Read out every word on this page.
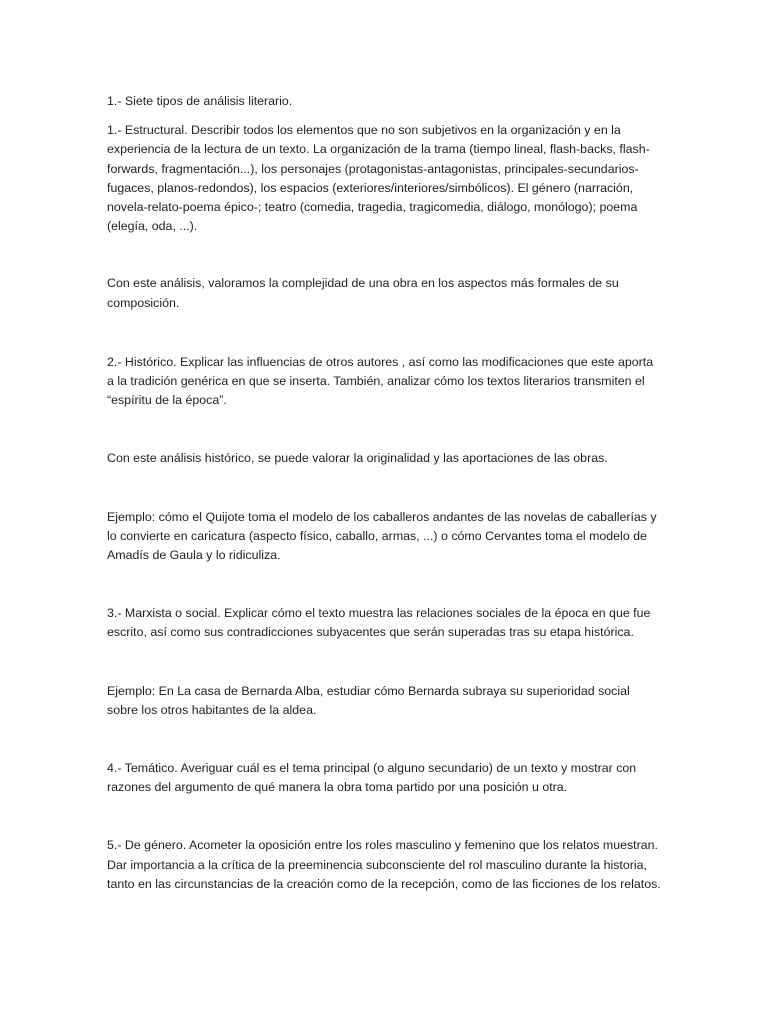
1.- Siete tipos de análisis literario.

1.- Estructural. Describir todos los elementos que no son subjetivos en la organización y en la experiencia de la lectura de un texto. La organización de la trama (tiempo lineal, flash-backs, flash-forwards, fragmentación...), los personajes (protagonistas-antagonistas, principales-secundarios-fugaces, planos-redondos), los espacios (exteriores/interiores/simbólicos). El género (narración, novela-relato-poema épico-; teatro (comedia, tragedia, tragicomedia, diálogo, monólogo); poema (elegía, oda, ...).

Con este análisis, valoramos la complejidad de una obra en los aspectos más formales de su composición.

2.- Histórico. Explicar las influencias de otros autores , así como las modificaciones que este aporta a la tradición genérica en que se inserta. También, analizar cómo los textos literarios transmiten el “espíritu de la época”.

Con este análisis histórico, se puede valorar la originalidad y las aportaciones de las obras.

Ejemplo: cómo el Quijote toma el modelo de los caballeros andantes de las novelas de caballerías y lo convierte en caricatura (aspecto físico, caballo, armas, ...) o cómo Cervantes toma el modelo de Amadís de Gaula y lo ridiculiza.

3.- Marxista o social. Explicar cómo el texto muestra las relaciones sociales de la época en que fue escrito, así como sus contradicciones subyacentes que serán superadas tras su etapa histórica.

Ejemplo: En La casa de Bernarda Alba, estudiar cómo Bernarda subraya su superioridad social sobre los otros habitantes de la aldea.

4.- Temático. Averiguar cuál es el tema principal (o alguno secundario) de un texto y mostrar con razones del argumento de qué manera la obra toma partido por una posición u otra.

5.- De género. Acometer la oposición entre los roles masculino y femenino que los relatos muestran. Dar importancia a la crítica de la preeminencia subconsciente del rol masculino durante la historia, tanto en las circunstancias de la creación como de la recepción, como de las ficciones de los relatos.
